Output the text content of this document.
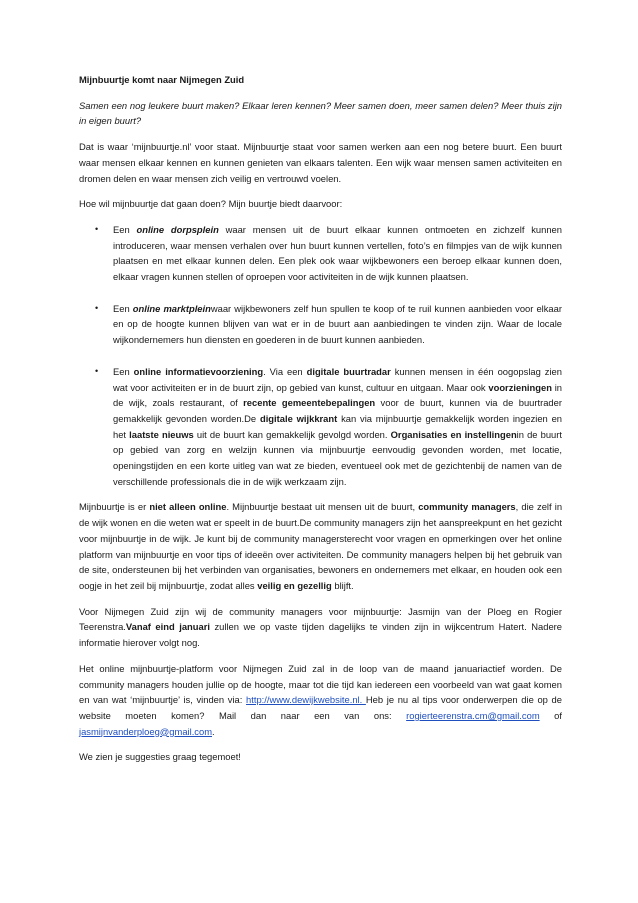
Mijnbuurtje komt naar Nijmegen Zuid

Samen een nog leukere buurt maken? Elkaar leren kennen? Meer samen doen, meer samen delen? Meer thuis zijn in eigen buurt?

Dat is waar ‘mijnbuurtje.nl’ voor staat. Mijnbuurtje staat voor samen werken aan een nog betere buurt. Een buurt waar mensen elkaar kennen en kunnen genieten van elkaars talenten. Een wijk waar mensen samen activiteiten en dromen delen en waar mensen zich veilig en vertrouwd voelen.

Hoe wil mijnbuurtje dat gaan doen? Mijn buurtje biedt daarvoor:

• Een online dorpsplein waar mensen uit de buurt elkaar kunnen ontmoeten en zichzelf kunnen introduceren, waar mensen verhalen over hun buurt kunnen vertellen, foto’s en filmpjes van de wijk kunnen plaatsen en met elkaar kunnen delen. Een plek ook waar wijkbewoners een beroep elkaar kunnen doen, elkaar vragen kunnen stellen of oproepen voor activiteiten in de wijk kunnen plaatsen.
• Een online marktpleinwaar wijkbewoners zelf hun spullen te koop of te ruil kunnen aanbieden voor elkaar en op de hoogte kunnen blijven van wat er in de buurt aan aanbiedingen te vinden zijn. Waar de locale wijkondernemers hun diensten en goederen in de buurt kunnen aanbieden.
• Een online informatievoorziening. Via een digitale buurtradar kunnen mensen in één oogopslag zien wat voor activiteiten er in de buurt zijn, op gebied van kunst, cultuur en uitgaan. Maar ook voorzieningen in de wijk, zoals restaurant, of recente gemeentebepalingen voor de buurt, kunnen via de buurtrader gemakkelijk gevonden worden.De digitale wijkkrant kan via mijnbuurtje gemakkelijk worden ingezien en het laatste nieuws uit de buurt kan gemakkelijk gevolgd worden. Organisaties en instellingenin de buurt op gebied van zorg en welzijn kunnen via mijnbuurtje eenvoudig gevonden worden, met locatie, openingstijden en een korte uitleg van wat ze bieden, eventueel ook met de gezichtenbij de namen van de verschillende professionals die in de wijk werkzaam zijn.

Mijnbuurtje is er niet alleen online. Mijnbuurtje bestaat uit mensen uit de buurt, community managers, die zelf in de wijk wonen en die weten wat er speelt in de buurt.De community managers zijn het aanspreekpunt en het gezicht voor mijnbuurtje in de wijk. Je kunt bij de community managersterecht voor vragen en opmerkingen over het online platform van mijnbuurtje en voor tips of ideeën over activiteiten. De community managers helpen bij het gebruik van de site, ondersteunen bij het verbinden van organisaties, bewoners en ondernemers met elkaar, en houden ook een oogje in het zeil bij mijnbuurtje, zodat alles veilig en gezellig blijft.

Voor Nijmegen Zuid zijn wij de community managers voor mijnbuurtje: Jasmijn van der Ploeg en Rogier Teerenstra.Vanaf eind januari zullen we op vaste tijden dagelijks te vinden zijn in wijkcentrum Hatert. Nadere informatie hierover volgt nog.

Het online mijnbuurtje-platform voor Nijmegen Zuid zal in de loop van de maand januariactief worden. De community managers houden jullie op de hoogte, maar tot die tijd kan iedereen een voorbeeld van wat gaat komen en van wat ‘mijnbuurtje’ is, vinden via: http://www.dewijkwebsite.nl. Heb je nu al tips voor onderwerpen die op de website moeten komen? Mail dan naar een van ons: rogierteerenstra.cm@gmail.com of jasmijnvanderploeg@gmail.com.

We zien je suggesties graag tegemoet!
